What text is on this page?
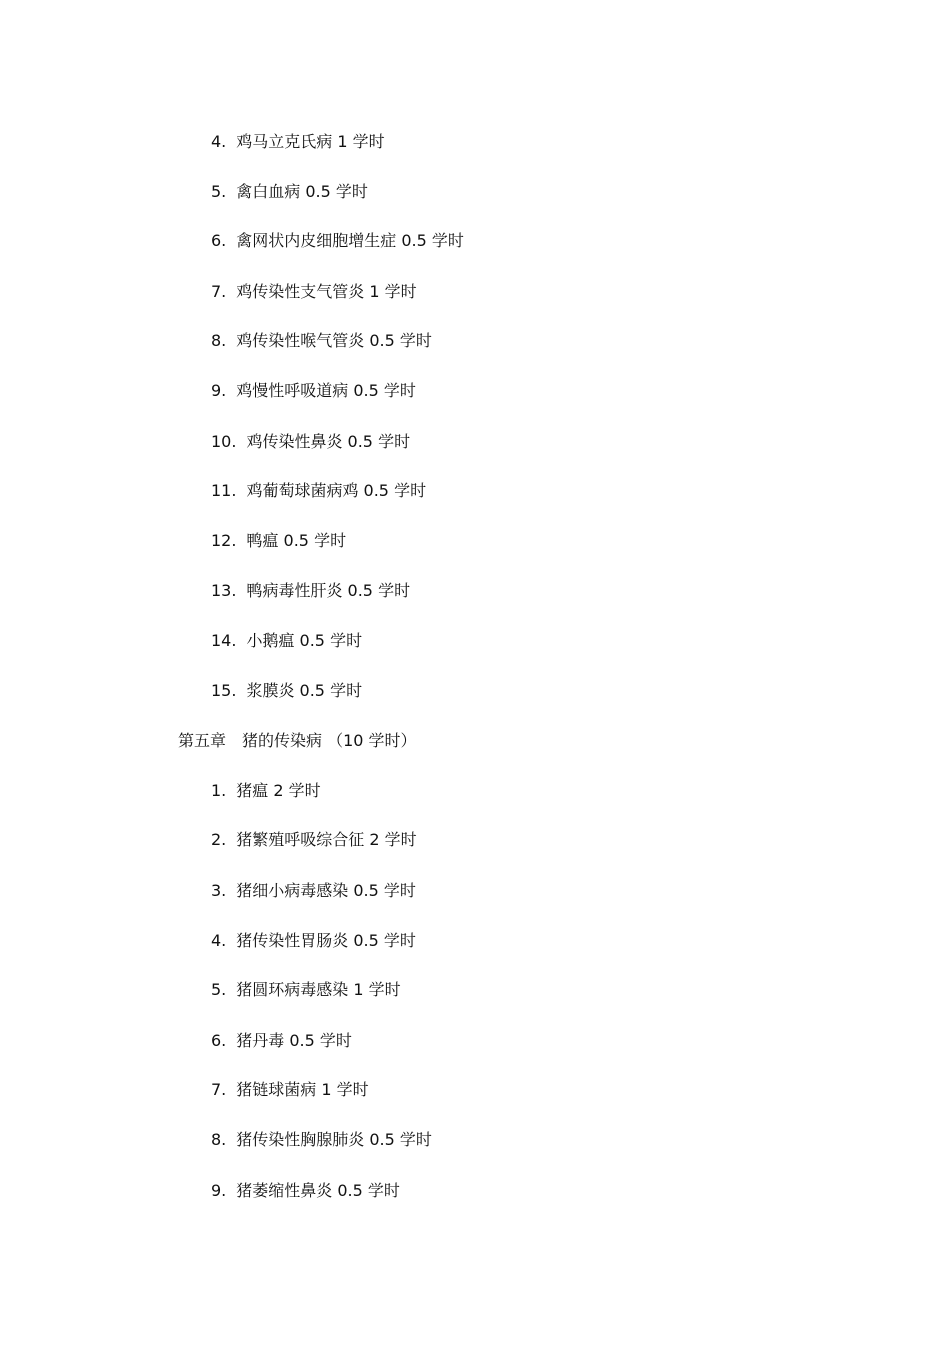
4. 鸡马立克氏病 1 学时
5. 禽白血病 0.5 学时
6. 禽网状内皮细胞增生症 0.5 学时
7. 鸡传染性支气管炎 1 学时
8. 鸡传染性喉气管炎 0.5 学时
9. 鸡慢性呼吸道病 0.5 学时
10. 鸡传染性鼻炎 0.5 学时
11. 鸡葡萄球菌病鸡 0.5 学时
12. 鸭瘟 0.5 学时
13. 鸭病毒性肝炎 0.5 学时
14. 小鹅瘟 0.5 学时
15. 浆膜炎 0.5 学时
第五章 猪的传染病 （10 学时）
1. 猪瘟 2 学时
2. 猪繁殖呼吸综合征 2 学时
3. 猪细小病毒感染 0.5 学时
4. 猪传染性胃肠炎 0.5 学时
5. 猪圆环病毒感染 1 学时
6. 猪丹毒 0.5 学时
7. 猪链球菌病 1 学时
8. 猪传染性胸腺肺炎 0.5 学时
9. 猪萎缩性鼻炎 0.5 学时
